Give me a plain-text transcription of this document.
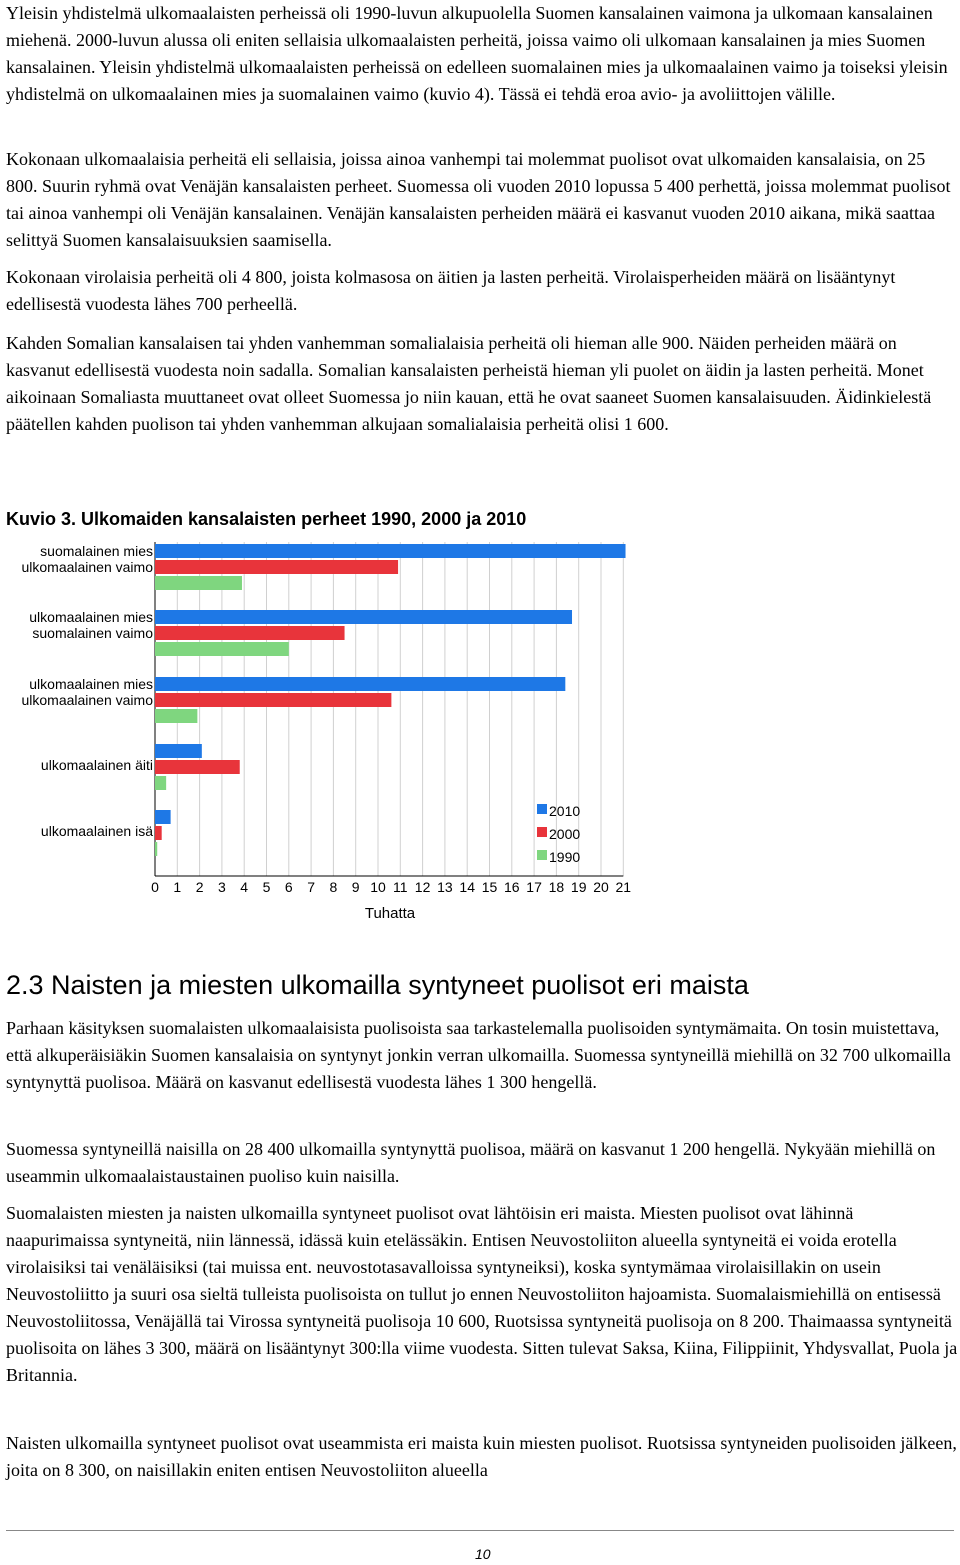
Yleisin yhdistelmä ulkomaalaisten perheissä oli 1990-luvun alkupuolella Suomen kansalainen vaimona ja ulkomaan kansalainen miehenä. 2000-luvun alussa oli eniten sellaisia ulkomaalaisten perheitä, joissa vaimo oli ulkomaan kansalainen ja mies Suomen kansalainen. Yleisin yhdistelmä ulkomaalaisten perheissä on edelleen suomalainen mies ja ulkomaalainen vaimo ja toiseksi yleisin yhdistelmä on ulkomaalainen mies ja suomalainen vaimo (kuvio 4). Tässä ei tehdä eroa avio- ja avoliittojen välille.

Kokonaan ulkomaalaisia perheitä eli sellaisia, joissa ainoa vanhempi tai molemmat puolisot ovat ulkomaiden kansalaisia, on 25 800. Suurin ryhmä ovat Venäjän kansalaisten perheet. Suomessa oli vuoden 2010 lopussa 5 400 perhettä, joissa molemmat puolisot tai ainoa vanhempi oli Venäjän kansalainen. Venäjän kansalaisten perheiden määrä ei kasvanut vuoden 2010 aikana, mikä saattaa selittyä Suomen kansalaisuuksien saamisella.

Kokonaan virolaisia perheitä oli 4 800, joista kolmasosa on äitien ja lasten perheitä. Virolaisperheiden määrä on lisääntynyt edellisestä vuodesta lähes 700 perheellä.

Kahden Somalian kansalaisen tai yhden vanhemman somalialaisia perheitä oli hieman alle 900. Näiden perheiden määrä on kasvanut edellisestä vuodesta noin sadalla. Somalian kansalaisten perheistä hieman yli puolet on äidin ja lasten perheitä. Monet aikoinaan Somaliasta muuttaneet ovat olleet Suomessa jo niin kauan, että he ovat saaneet Suomen kansalaisuuden. Äidinkielestä päätellen kahden puolison tai yhden vanhemman alkujaan somalialaisia perheitä olisi 1 600.

Kuvio 3. Ulkomaiden kansalaisten perheet 1990, 2000 ja 2010
suomalainen mies
ulkomaalainen vaimo
ulkomaalainen mies
suomalainen vaimo
ulkomaalainen mies
ulkomaalainen vaimo
ulkomaalainen äiti
ulkomaalainen isä
0 1 2 3 4 5 6 7 8 9 10 11 12 13 14 15 16 17 18 19 20 21
Tuhatta
2010
2000
1990
2.3 Naisten ja miesten ulkomailla syntyneet puolisot eri maista

Parhaan käsityksen suomalaisten ulkomaalaisista puolisoista saa tarkastelemalla puolisoiden syntymämaita. On tosin muistettava, että alkuperäisiäkin Suomen kansalaisia on syntynyt jonkin verran ulkomailla. Suomessa syntyneillä miehillä on 32 700 ulkomailla syntynyttä puolisoa. Määrä on kasvanut edellisestä vuodesta lähes 1 300 hengellä.

Suomessa syntyneillä naisilla on 28 400 ulkomailla syntynyttä puolisoa, määrä on kasvanut 1 200 hengellä. Nykyään miehillä on useammin ulkomaalaistaustainen puoliso kuin naisilla.

Suomalaisten miesten ja naisten ulkomailla syntyneet puolisot ovat lähtöisin eri maista. Miesten puolisot ovat lähinnä naapurimaissa syntyneitä, niin lännessä, idässä kuin etelässäkin. Entisen Neuvostoliiton alueella syntyneitä ei voida erotella virolaisiksi tai venäläisiksi (tai muissa ent. neuvostotasavalloissa syntyneiksi), koska syntymämaa virolaisillakin on usein Neuvostoliitto ja suuri osa sieltä tulleista puolisoista on tullut jo ennen Neuvostoliiton hajoamista. Suomalaismiehillä on entisessä Neuvostoliitossa, Venäjällä tai Virossa syntyneitä puolisoja 10 600, Ruotsissa syntyneitä puolisoja on 8 200. Thaimaassa syntyneitä puolisoita on lähes 3 300, määrä on lisääntynyt 300:lla viime vuodesta. Sitten tulevat Saksa, Kiina, Filippiinit, Yhdysvallat, Puola ja Britannia.

Naisten ulkomailla syntyneet puolisot ovat useammista eri maista kuin miesten puolisot. Ruotsissa syntyneiden puolisoiden jälkeen, joita on 8 300, on naisillakin eniten entisen Neuvostoliiton alueella

10
